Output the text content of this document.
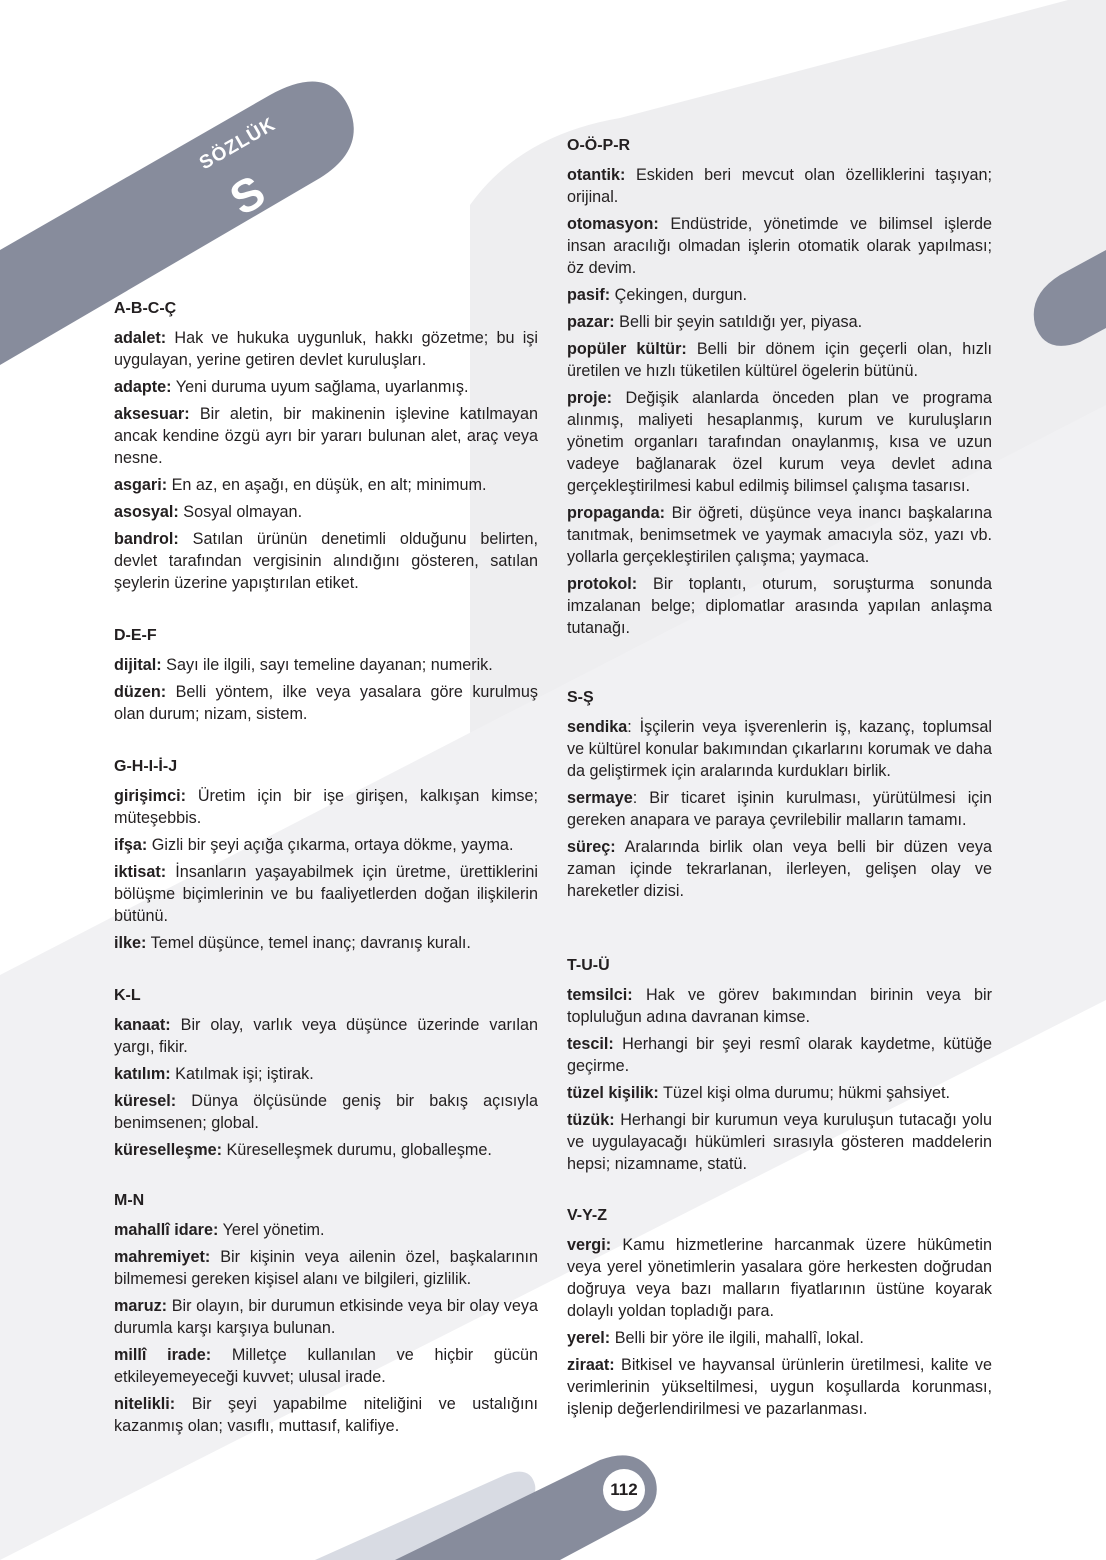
SÖZLÜK
S
A-B-C-Ç
adalet: Hak ve hukuka uygunluk, hakkı gözetme; bu işi uygulayan, yerine getiren devlet kuruluşları.
adapte: Yeni duruma uyum sağlama, uyarlanmış.
aksesuar: Bir aletin, bir makinenin işlevine katılmayan ancak kendine özgü ayrı bir yararı bulunan alet, araç veya nesne.
asgari: En az, en aşağı, en düşük, en alt; minimum.
asosyal: Sosyal olmayan.
bandrol: Satılan ürünün denetimli olduğunu belirten, devlet tarafından vergisinin alındığını gösteren, satılan şeylerin üzerine yapıştırılan etiket.
D-E-F
dijital: Sayı ile ilgili, sayı temeline dayanan; numerik.
düzen: Belli yöntem, ilke veya yasalara göre kurulmuş olan durum; nizam, sistem.
G-H-I-İ-J
girişimci: Üretim için bir işe girişen, kalkışan kimse; müteşebbis.
ifşa: Gizli bir şeyi açığa çıkarma, ortaya dökme, yayma.
iktisat: İnsanların yaşayabilmek için üretme, ürettiklerini bölüşme biçimlerinin ve bu faaliyetlerden doğan ilişkilerin bütünü.
ilke: Temel düşünce, temel inanç; davranış kuralı.
K-L
kanaat: Bir olay, varlık veya düşünce üzerinde varılan yargı, fikir.
katılım: Katılmak işi; iştirak.
küresel: Dünya ölçüsünde geniş bir bakış açısıyla benimsenen; global.
küreselleşme: Küreselleşmek durumu, globalleşme.
M-N
mahallî idare: Yerel yönetim.
mahremiyet: Bir kişinin veya ailenin özel, başkalarının bilmemesi gereken kişisel alanı ve bilgileri, gizlilik.
maruz: Bir olayın, bir durumun etkisinde veya bir olay veya durumla karşı karşıya bulunan.
millî irade: Milletçe kullanılan ve hiçbir gücün etkileyemeyeceği kuvvet; ulusal irade.
nitelikli: Bir şeyi yapabilme niteliğini ve ustalığını kazanmış olan; vasıflı, muttasıf, kalifiye.
O-Ö-P-R
otantik: Eskiden beri mevcut olan özelliklerini taşıyan; orijinal.
otomasyon: Endüstride, yönetimde ve bilimsel işlerde insan aracılığı olmadan işlerin otomatik olarak yapılması; öz devim.
pasif: Çekingen, durgun.
pazar: Belli bir şeyin satıldığı yer, piyasa.
popüler kültür: Belli bir dönem için geçerli olan, hızlı üretilen ve hızlı tüketilen kültürel ögelerin bütünü.
proje: Değişik alanlarda önceden plan ve programa alınmış, maliyeti hesaplanmış, kurum ve kuruluşların yönetim organları tarafından onaylanmış, kısa ve uzun vadeye bağlanarak özel kurum veya devlet adına gerçekleştirilmesi kabul edilmiş bilimsel çalışma tasarısı.
propaganda: Bir öğreti, düşünce veya inancı başkalarına tanıtmak, benimsetmek ve yaymak amacıyla söz, yazı vb. yollarla gerçekleştirilen çalışma; yaymaca.
protokol: Bir toplantı, oturum, soruşturma sonunda imzalanan belge; diplomatlar arasında yapılan anlaşma tutanağı.
S-Ş
sendika: İşçilerin veya işverenlerin iş, kazanç, toplumsal ve kültürel konular bakımından çıkarlarını korumak ve daha da geliştirmek için aralarında kurdukları birlik.
sermaye: Bir ticaret işinin kurulması, yürütülmesi için gereken anapara ve paraya çevrilebilir malların tamamı.
süreç: Aralarında birlik olan veya belli bir düzen veya zaman içinde tekrarlanan, ilerleyen, gelişen olay ve hareketler dizisi.
T-U-Ü
temsilci: Hak ve görev bakımından birinin veya bir topluluğun adına davranan kimse.
tescil: Herhangi bir şeyi resmî olarak kaydetme, kütüğe geçirme.
tüzel kişilik: Tüzel kişi olma durumu; hükmi şahsiyet.
tüzük: Herhangi bir kurumun veya kuruluşun tutacağı yolu ve uygulayacağı hükümleri sırasıyla gösteren maddelerin hepsi; nizamname, statü.
V-Y-Z
vergi: Kamu hizmetlerine harcanmak üzere hükûmetin veya yerel yönetimlerin yasalara göre herkesten doğrudan doğruya veya bazı malların fiyatlarının üstüne koyarak dolaylı yoldan topladığı para.
yerel: Belli bir yöre ile ilgili, mahallî, lokal.
ziraat: Bitkisel ve hayvansal ürünlerin üretilmesi, kalite ve verimlerinin yükseltilmesi, uygun koşullarda korunması, işlenip değerlendirilmesi ve pazarlanması.
112
